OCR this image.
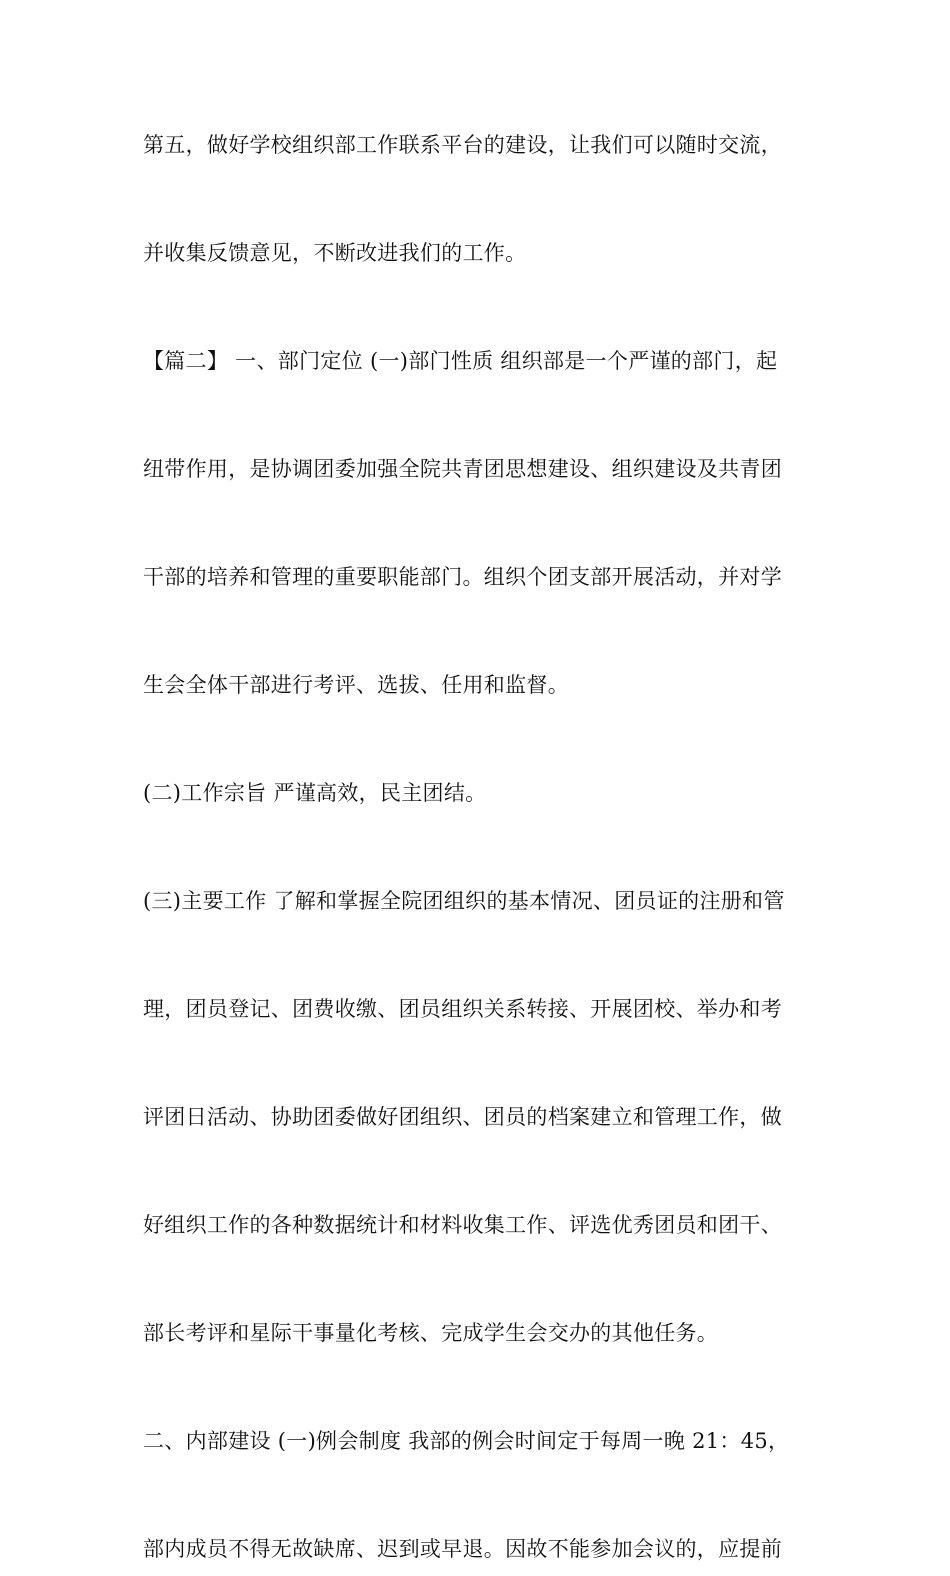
第五，做好学校组织部工作联系平台的建设，让我们可以随时交流，

并收集反馈意见，不断改进我们的工作。

【篇二】 一、部门定位 (一)部门性质 组织部是一个严谨的部门，起

纽带作用，是协调团委加强全院共青团思想建设、组织建设及共青团

干部的培养和管理的重要职能部门。组织个团支部开展活动，并对学

生会全体干部进行考评、选拔、任用和监督。

(二)工作宗旨 严谨高效，民主团结。

(三)主要工作 了解和掌握全院团组织的基本情况、团员证的注册和管

理，团员登记、团费收缴、团员组织关系转接、开展团校、举办和考

评团日活动、协助团委做好团组织、团员的档案建立和管理工作，做

好组织工作的各种数据统计和材料收集工作、评选优秀团员和团干、

部长考评和星际干事量化考核、完成学生会交办的其他任务。

二、内部建设 (一)例会制度 我部的例会时间定于每周一晚 21：45，

部内成员不得无故缺席、迟到或早退。因故不能参加会议的，应提前
